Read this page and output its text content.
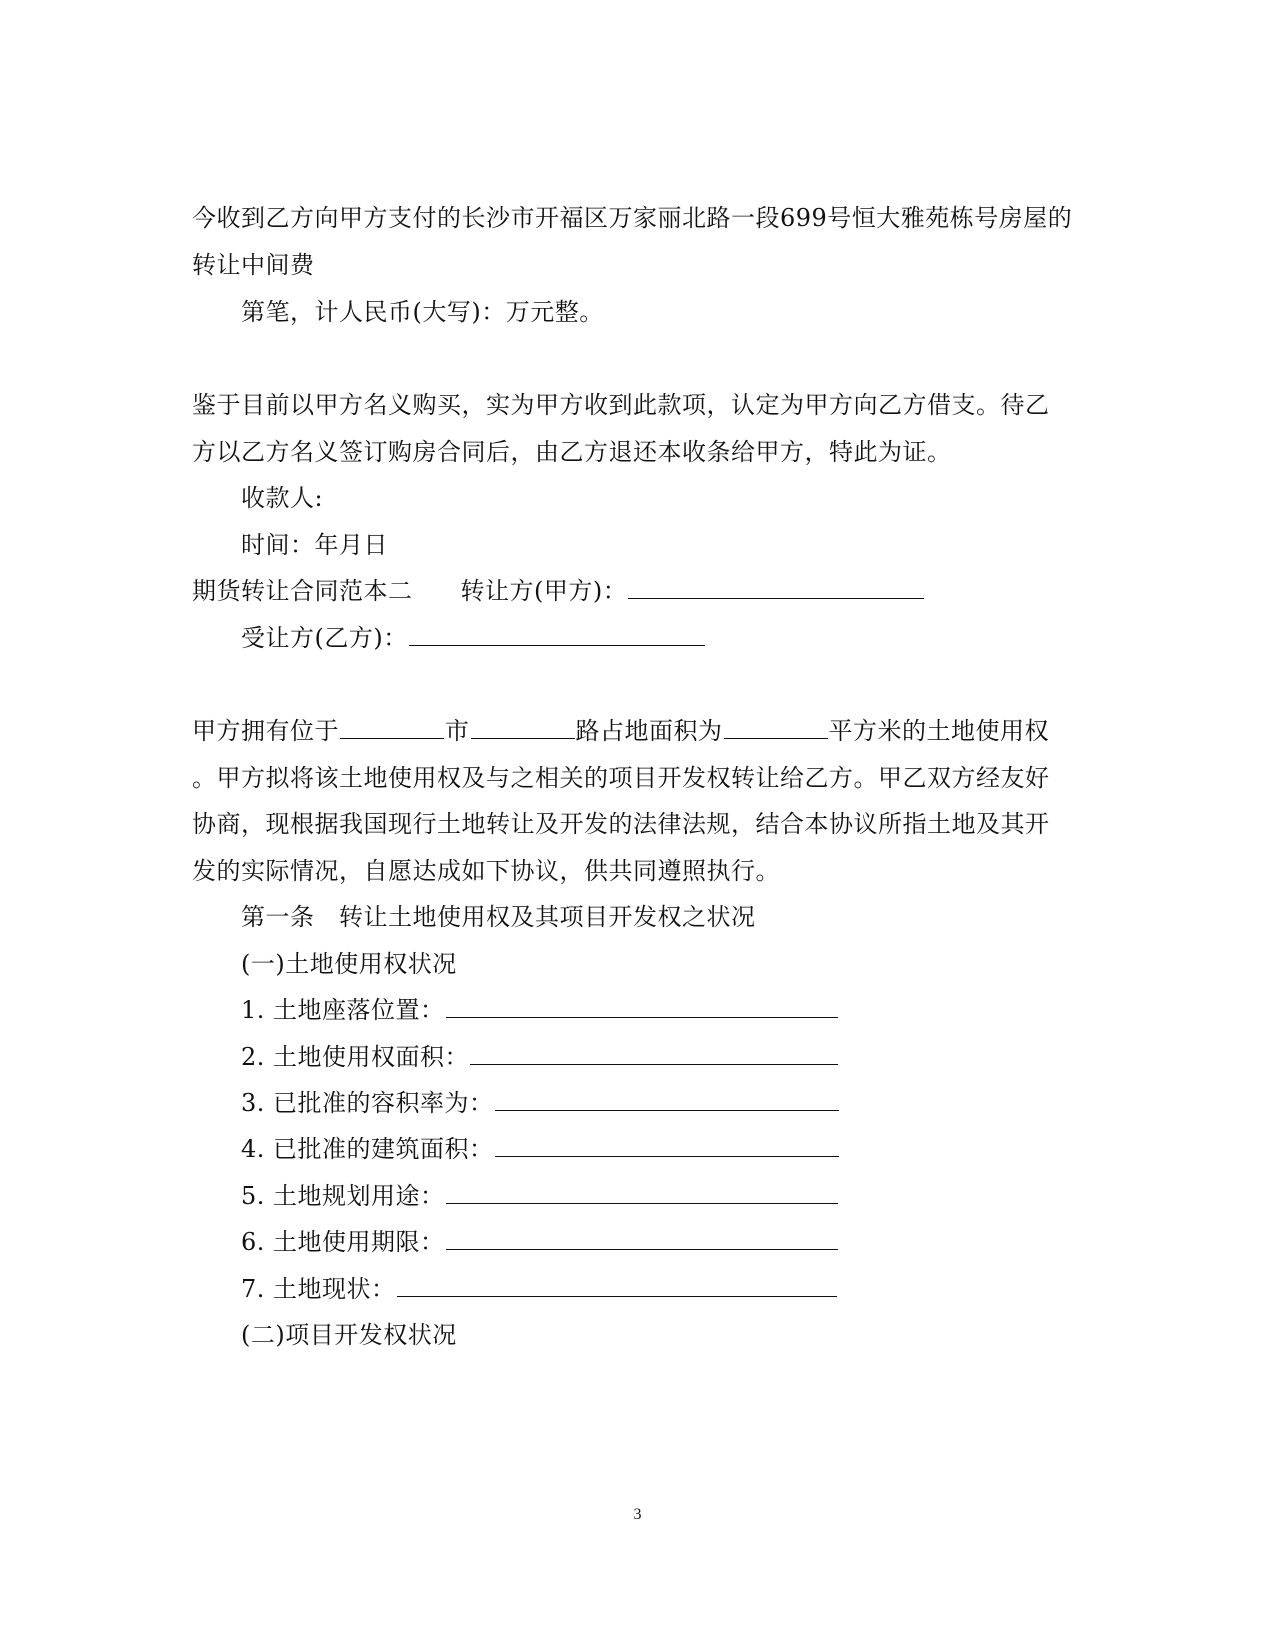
今收到乙方向甲方支付的长沙市开福区万家丽北路一段699号恒大雅苑栋号房屋的
转让中间费
第笔，计人民币(大写)：万元整。
鉴于目前以甲方名义购买，实为甲方收到此款项，认定为甲方向乙方借支。待乙
方以乙方名义签订购房合同后，由乙方退还本收条给甲方，特此为证。
收款人:
时间：年月日
期货转让合同范本二 转让方(甲方)：
受让方(乙方)：
甲方拥有位于	市	路占地面积为	平方米的土地使用权
。甲方拟将该土地使用权及与之相关的项目开发权转让给乙方。甲乙双方经友好
协商，现根据我国现行土地转让及开发的法律法规，结合本协议所指土地及其开
发的实际情况，自愿达成如下协议，供共同遵照执行。
第一条　转让土地使用权及其项目开发权之状况
(一)土地使用权状况
1. 土地座落位置：
2. 土地使用权面积：
3. 已批准的容积率为：
4. 已批准的建筑面积：
5. 土地规划用途：
6. 土地使用期限：
7. 土地现状：
(二)项目开发权状况
3
